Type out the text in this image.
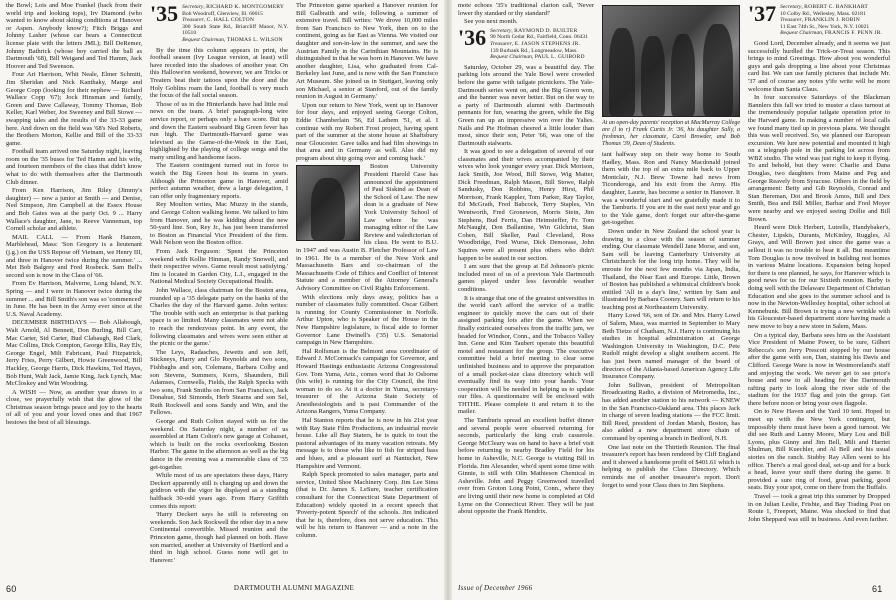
the Bowl; Lois and Moe Frankel (back from their world trip and looking tops), Irv Diamond (who wanted to know about skiing conditions at Hanover or Aspen. Anybody know?); Fitch Briggs and Johnny Lasher (whose car bears a Connecticut license plate with the letters JML); Bill DeRemer, Johnny Bathrick (whose boy carried the ball as Dartmouth '68), Bill Weigand and Ted Hamm, Jack Hoover and Ted Swenson.

Four Art Harrison, Whit Neale, Elmer Schmitt, Jim Sheridan and Nick Kanthaky, Marge and George Copp (looking for their nephew — Richard Wallace Copp '67); Jock Hinsman and family, Green and Dave Callaway, Tommy Thomas, Bob Keller, Karl Weber, Joe Sweeney and Bill Stowe — swapping tales and the results of the 33-33 game here. And down on the field was '68's Ned Roberts, the Brothers Morton, Kellie and Bill of the 33-33 game.

Football team arrived one Saturday night, leaving room on the '35 buses for Ted Hamm and his wife, and fourteen members of the class that didn't know what to do with themselves after the Dartmouth Club dinner.

From Ken Harrison, Jim Riley (Jimmy's daughter) — now a junior at Smith — and Denise, Ned Simpson, Jim Campbell at the Essex House and Bob Gates was at the party Oct. 9 ... Harry Wallace's daughter, Jane, to Reeve Vanneman, top Cornell scholar and athlete.

MAIL CALL — From Hank Hanzen, Marblehead, Mass: 'Son Gregory is a lieutenant (j.g.) on the USS Repose off Vietnam, we Henry III, and three in Hanover twice during the summer.' ... Met Bob Balgrey and Fred Rosbeck. Sam Bell's second son is now in the Class of '66.

From Ev Harrison, Malverne, Long Island, N.Y. Spring — and I were in Hanover twice during the summer ... and Bill Smith's son was so 'commenced' in June. He has been in the Army ever since at the U.S. Naval Academy.

DECEMBER BIRTHDAYS — Bob Allabough, Walt Arnold, Al Bennett, Don Burling, Bill Carr, Mac Carter, Sid Carter, Bud Clabaugh, Red Clark, Mac Collins, Dick Compton, George Ellis, Ray Elv, George Engel, Milt Fabricant, Paul Fitzpatrick, Jerry Fries, Perry Gilbert, Howie Greenwood, Bill Hackley, George Harris, Dick Hawkins, Ted Hayes, Bob Hunt, Walt Jack, Jamie King, Jack Lynch, Mac McCloskey and Win Woodring.

A WISH — Now, as another year draws to a close, we prayerfully wish that the glow of the Christmas season brings peace and joy to the hearts of all of you and your loved ones and that 1967 bestows the best of all blessings.

'35 Secretary, RICHARD K. MONTGOMERY
Bob Woodruff, Glenview, Ill. 60015
Treasurer, C. HALL COLTON
300 South State Rd., Briarcliff Manor, N.Y. 10510
Bequest Chairman, THOMAS L. WILSON

By the time this column appears in print, the football season (Ivy League version, at least) will have receded into the shadows of another year. On this Hallowe'en weekend, however, we are Tricks or Treaters beat their tattoos upon the door and the Holy Goblins roam the land, football is very much the focus of the fall social season.

Those of us in the Hinterlands have had little real news on the team. A brief paragraph-long wire service report, or perhaps only a bare score. But up and down the Eastern seaboard Big Green fever has run high. The Dartmouth-Harvard game was televised as the Game-of-the-Week in the East, highlighted by the playing of college songs and the many smiling and handsome faces.

The Eastern contingent turned out in force to watch the Big Green host its teams in years. Although the Princeton game in Hanover, amid perfect autumn weather, drew a large delegation, I can offer only fragmentary reports.

Rey Moulton writes, Mac Muzzy in the stands, and George Colton walking home. We talked to him from Hanover, and he was kidding about the new 50-yard line. Son, Rey Jr., has just been transferred to Boston as Financial Vice President of the firm. Walt Nelson won the Boston office.

From Jack Ferguson: 'Spent the Princeton weekend with Kollie Hinman, Randy Snowell, and their respective wives. Game result most satisfying.' Jim is located in Garden City, L.I., engaged in the National Medical Society Occupational Health.

John Wallace, class chairman for the Boston area, rounded up a '35 delegate party on the banks of the Charles the day of the Harvard game. John writes: 'The trouble with such an enterprise is that parking space is so limited. Many classmates were not able to reach the rendezvous point. In any event, the following classmates and wives were seen either at the picnic or the game.'

The Leys, Radasches, Jewetts and son Jeff, Stickneys, Harry and Glo Reynolds and two sons, Fishbaghs and son, Colemans, Barbara Colby and son Stevens, Summers, Kerrs, Shaunders, Bill Adamses, Cornwells, Fields, the Ralph Specks with two sons, Frank Smiths on from San Francisco, Jack Donahue, Sid Simonds, Herb Stearns and son Sel, Ruth Rockwell and sons Sandy and Win, and the Fellows.

George and Ruth Colton stayed with us for the weekend. On Saturday night, a number of us assembled at Ham Colton's new garage at Cohasset, which is built on the rocks overlooking Boston Harbor. The game in the afternoon as well as the big dance in the evening was a memorable class of '35 get-together.

While most of us are spectators these days, Harry Deckert apparently still is charging up and down the gridiron with the vigor he displayed as a standing halfback 30-odd years ago. From Harry Griffith comes this report:

'Harry Deckert says he still is refereeing on weekends. Son Jack Rockwell the other day in a new Continental convertible. Missed reunion and the Princeton game, though had planned on both. Have son married, another at University of Hartford and a third in high school. Guess none will get to Hanover.'

The Princeton game sparked a Hanover reunion for Bill Galbraith and wife, following a summer of extensive travel. Bill writes: 'We drove 10,000 miles from San Francisco to New York, then on to the continent, going as far East as Vienna. We visited our daughter and son-in-law in the summer, and saw the Austrian Family in the Carinthian Mountains. He is distinguished in that he was born in Hanover. We have another daughter, Lisa, who graduated from Cal-Berkeley last June, and is now with the San Francisco Art Museum. She joined us in Stuttgart, leaving only son Michael, a senior at Stanford, out of the family reunion in August in Germany.'

Upon our return to New York, went up to Hanover for four days, and enjoyed seeing George Colton, Eddie Chamberlain '56, Ed Lathem '51, et al. I continue with my Robert Frost project, having spent part of the summer at the stone house at Shaftsbury near Gloucester. Gave talks and had film showings in that area and in Germany as well. Also did my program about ship going over and coming back.'

Boston University President Harold Case has announced the appointment of Paul Siskind as Dean of the School of Law. The new dean is a graduate of New York University School of Law where he was managing editor of the Law Review and valedictorian of his class. He went to B.U. in 1947 and was Austin B. Fletcher Professor of Law in 1961. He is a member of the New York and Massachusetts Bars and co-chairman of the Massachusetts Code of Ethics and Conflict of Interest Statute and a member of the Attorney General's Advisory Committee on Civil Rights Enforcement.

With elections only days away, politics has a number of classmates fully committed. Oscar Gilbert is running for County Commissioner in Norfolk. Arthur Upton, who is Speaker of the House in the New Hampshire legislature, is fiscal aide to former Governor Lane Dwinell's ('35) U.S. Senatorial campaign in New Hampshire.

Hal Rolfsman is the Belmont area coordinator of Edward J. McCormack's campaign for Governor, and Howard Hastings enthusiastic Arizona Congressional Gov. Tom Yuma, Ariz., comes word that Jo Osborne (his wife) is running for the City Council, the first woman to do so. At it a doctor in Yuma, secretary-treasurer of the Arizona State Society of Anesthesiologists and is past Commander of the Arizona Rangers, Yuma Company.

Hal Stanton reports that he is now in his 21st year with Ray State Film Productions, an industrial movie house. Like all Bay Staters, he is quick to tout the pastoral advantages of its many vacation retreats. My message is to those who like to fish for striped bass and blues, and a pleasant surf at Nantucket, New Hampshire and Vermont.

Ralph Speck promoted to sales manager, parts and service, United Shoe Machinery Corp. Jim Lee Sims (that is Dr. James S. LeSure, teacher certification consultant for the Connecticut State Department of Education) widely quoted in a recent speech that 'Poverty-potent Speech' of the schools. Jim indicated that he is, therefore, does not serve education. This will be his return to Hanover — and a note in the column.

60	DARTMOUTH ALUMNI MAGAZINE

mote echoes '35's traditional clarion call, 'Never lower thy standard or thy standard!'

See you next month.

'36 Secretary, RAYMOND D. BUILTER
90 North Cedar Rd., Fairfield, Conn. 06431
Treasurer, E. JASON STEPHENS JR.
139 Burbank Rd., Longmeadow, Mass.
Bequest Chairman, PAUL L. GUIBORD

Saturday, October 29, was a beautiful day. The parking lots around the Yale Bowl were crowded before the game with tailgate picnickers. The Yale-Dartmouth series went on, and the Big Green won, and the banner was never better. But on the way to a party of Dartmouth alumni with Dartmouth pennants for fun, wearing the green, while the Big Green ran up an impressive win over the Yalies. Nails and Pie Hofman cheered a little louder than most, since their son, Peter '66, was one of the Dartmouth stalwarts.

It was good to see a delegation of several of our classmates and their wives accompanied by their wives who look younger every year. Dick Morison, Jack Smith, Joe Wood, Bill Stowe, Wig Matter, Dick Freedman, Ralph Mason, Bill Stowe, Ralph Sandusky, Don Robbins, Henry Hirst, Phil Morrison, Frank Kappler, Tom Parker, Ray Taylor, Ed McGrath, Fred Babcock, Terry Staples, Vin Wentworth, Fred Gronewon, Morris Stein, Jim Stephens, Bud Ferris, Dan Heimsteffer, Fr. Tom McNaught, Don Ballantine, Win Gilchrist, Stan Cohen, Bill Skeller, Paul Cleveland, Ross Woodbridge, Fred Wurse, Dick Demorase, John Squires were all present plus others who didn't happen to be seated in our section.

I am sure that the group at Ed Johnson's picnic included most of us of a previous Yale Dartmouth games played under less favorable weather conditions.

It is strange that one of the greatest universities in the world can't afford the service of a traffic engineer to quickly move the cars out of their assigned parking lots after the game. When we finally extricated ourselves from the traffic jam, we headed for Windsor, Conn., and the Tobacco Valley Inn. Gene and Kim Taubert operate this beautiful motel and restaurant for the group. The executive committee held a brief meeting to clear some unfinished business and to approve the preparation of a small pocket-size class directory which will eventually find its way into your hands. Your cooperation will be needed in helping us to update our files. A questionnaire will be enclosed with THTHE. Please complete it and return it to the mailer.

The Tamburis spread an excellent buffet dinner and several people were observed returning for seconds, particularly the king crab casserole. George McCleary was on hand to have a brief visit before returning to nearby Bradley Field for his home in Asheville, N.C. George is visiting Bill in Florida. Jim Alexander, who'd spent some time with Ginnie, is still with Olin Mathieson Chemical in Asheville. John and Peggy Greenwood travelled over from Groton Long Point, Conn., where they are living until their new home is completed at Old Lyme on the Connecticut River. They will be just about opposite the Frank Hendrix.

At an open-day parents' reception at MacMurray College are (l to r) Frank Curtis Jr. '36, his daughter Sally, a freshman, her classmate, Carol Browder, and Bob Thomas '39, Dean of Students.

tant halfway step on their way home to South Hadley, Mass. Ron and Nancy Macdonald joined them with the top of an extra mile back to Upper Montclair, N.J. Brew Towne had news from Ticonderoga, and his exit from the Army. His daughter, Laurie, has become a senior in Hanover. It was a wonderful start and we gratefully made it to the Tamburis. If you are in the east next year and go to the Yale game, don't forget our after-the-game get-together.

Down under in New Zealand the school year is drawing to a close with the season of summer ending. Our classmate Wendell Jane Morse, and son, Sam will be leaving Canterbury University at Christchurch for the long trip home. They will be enroute for the next few months via Japan, India, Thailand, the Near East and Europe. Little, Brown of Boston has published a whimsical children's book entitled 'All in a day's line,' written by Sam and illustrated by Barbara Cooney. Sam will return to his teaching post at Northeastern University.

Harry Lowd '66, son of Dr. and Mrs. Harry Lowd of Salem, Mass, was married in September to Mary Beth Tietze of Chatham, N.J. Harry is continuing his studies in hospital administration at George Washington University in Washington, D.C. Pete Rudolf might develop a slight southern accent. He has just been named manager of the board of directors of the Atlanta-based American Agency Life Insurance Company.

John Sullivan, president of Metropolitan Broadcasting Radio, a division of Metromedia, Inc., has added another station to his network — KNEW in the San Francisco-Oakland area. This places Jack in charge of seven leading stations — the FCC limit. Bill Reed, president of Jordan Marsh, Boston, has also added a new department store chain of command by opening a branch in Bedford, N.H.

One last note on the Thirtieth Reunion. The final treasurer's report has been rendered by Cliff England and it showed a handsome profit of $401.61 which is helping to publish the Class Directory. Which reminds me of another treasurer's report. Don't forget to send your Class dues to Jim Stephens.

'37 Secretary, ROBERT C. BANKHART
10 Colby Rd., Wellesley, Mass. 02181
Treasurer, FRANKLIN J. ROBIN
11 East 74th St., New York, N.Y. 10021
Bequest Chairman, FRANCIS F. PENN JR.

Good Lord, December already, and it seems we just successfully hurdled the Trick-or-Treat season. This brings to mind Greetings. How about you wonderful guys and gals dropping a line about your Christmas card list. We can use family pictures that include Mr. '37 and of course any notes y'ife write will be more welcome than Santa Claus.

In four successive Saturdays of the Blackman Bannlers this fall we tried to muster a class turnout at the tremendously popular tailgate operation prior to the Harvard game. In making a number of local calls we found many tied up in previous plans. We thought this was well received. So, we planned our European excursion. We lure new potential and mounted it high on a telegraph pole in the parking lot across from WBZ studio. The wind was just right to keep it flying. To and behold, but they were: Charlie and Dana Douglas, two daughters from Maine and Peg and George Reavely from Syracuse. Others in the field by arrangement: Betty and Gib Reynolds, Conrad and Stan Bereman, Dot and Brook Amos, Bill and Dex Smith, Bea and Bill Miller, Barbar and Fred Moyer were nearby and we enjoyed seeing Dollie and Bill Brown.

Heard were Dick Herbert, Lutrells, Handybaker's, Chester, Lipskis, Durants, McKinley, Ruggles, Al Grays, and Will Brown just since the game was a sellout it was no trouble to hear it all. But meantime Tom Douglas is now involved in building rest homes in various Maine locations. Expansion being hoped for there is one planned, he says, for Hanover which is good news for us for our Sixtieth reunion. Barby is doing well with the Delaware Department of Christian Education and she goes to the summer school and is now in the Newton-Wellesley hospital, other school at Kennebunk. Bill Brown is trying a new wrinkle with his Gloucester-based department store having made a new move to buy a new store in Salem, Mass.

On a typical day, Barbara sees him as the Assistant Vice President of Maine Power, to be sure, Gilbert Rebecca's son Jerry Prescott stopped by our house after the game with son, Dan, staining his Davis and Clifford. George Ware is now in Westmoreland's staff and enjoying the work. We never get to see price's house and now to all heading for the Dartmouth rafting party to look along the river side of the stadium for the 1937 flag and join the group. Get there before noon or bring your own flagpole.

On to New Haven and the Yard 10 tent. Hoped to meet up with the New York contingent, but impossibly there must have been a good turnout. We did see Ruth and Lanny Moore, Mary Lou and Bill Lyons, plus Ginny and Jim Bell, Milt and Harriet Shulman, Bill Kuechler, and Al Bell and his usual stories on the ranch. Stubby Ray Allen went to his office. There's a real good deal, set-up and for a buck a head, leave your stuff there during the game. It provided a sure ring of food, great parking, good seats. Buy your spot, come on there from the Buffalo.

Travel — took a great trip this summer by Dropped in on Julian Leslie, Frisbie, and Bay Trading Post on Route 1, Freeport, Maine. Was shocked to find that John Sheppard was still in business. And even farther.

Issue of December 1966	61
